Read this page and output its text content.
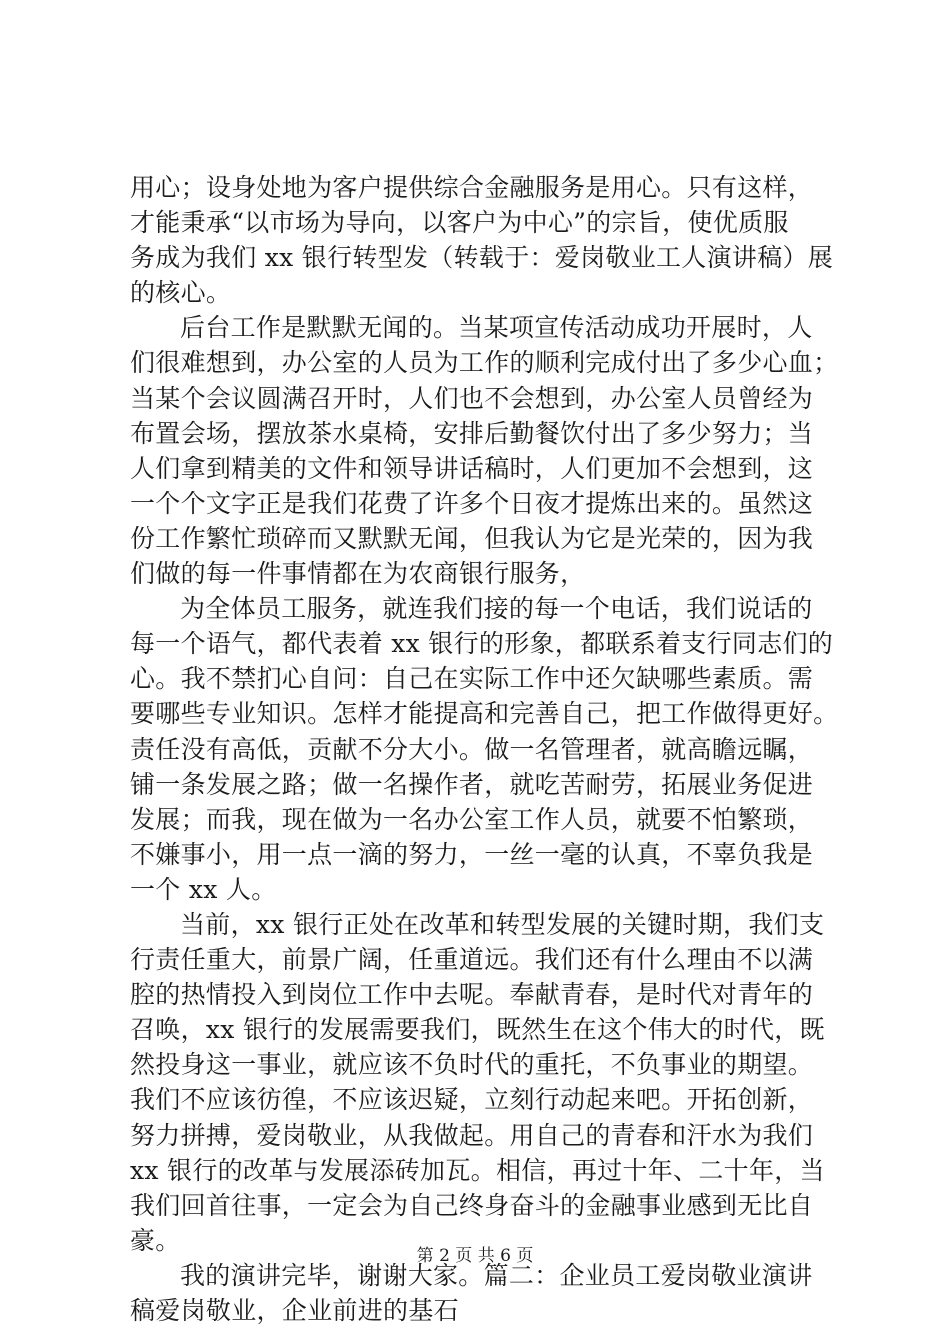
用心；设身处地为客户提供综合金融服务是用心。只有这样，
才能秉承“以市场为导向，以客户为中心”的宗旨，使优质服
务成为我们 xx 银行转型发（转载于：爱岗敬业工人演讲稿）展
的核心。
后台工作是默默无闻的。当某项宣传活动成功开展时，人
们很难想到，办公室的人员为工作的顺利完成付出了多少心血；
当某个会议圆满召开时，人们也不会想到，办公室人员曾经为
布置会场，摆放茶水桌椅，安排后勤餐饮付出了多少努力；当
人们拿到精美的文件和领导讲话稿时，人们更加不会想到，这
一个个文字正是我们花费了许多个日夜才提炼出来的。虽然这
份工作繁忙琐碎而又默默无闻，但我认为它是光荣的，因为我
们做的每一件事情都在为农商银行服务，
为全体员工服务，就连我们接的每一个电话，我们说话的
每一个语气，都代表着 xx 银行的形象，都联系着支行同志们的
心。我不禁扪心自问：自己在实际工作中还欠缺哪些素质。需
要哪些专业知识。怎样才能提高和完善自己，把工作做得更好。
责任没有高低，贡献不分大小。做一名管理者，就高瞻远瞩，
铺一条发展之路；做一名操作者，就吃苦耐劳，拓展业务促进
发展；而我，现在做为一名办公室工作人员，就要不怕繁琐，
不嫌事小，用一点一滴的努力，一丝一毫的认真，不辜负我是
一个 xx 人。
当前，xx 银行正处在改革和转型发展的关键时期，我们支
行责任重大，前景广阔，任重道远。我们还有什么理由不以满
腔的热情投入到岗位工作中去呢。奉献青春，是时代对青年的
召唤，xx 银行的发展需要我们，既然生在这个伟大的时代，既
然投身这一事业，就应该不负时代的重托，不负事业的期望。
我们不应该彷徨，不应该迟疑，立刻行动起来吧。开拓创新，
努力拼搏，爱岗敬业，从我做起。用自己的青春和汗水为我们
xx 银行的改革与发展添砖加瓦。相信，再过十年、二十年，当
我们回首往事，一定会为自己终身奋斗的金融事业感到无比自
豪。
我的演讲完毕，谢谢大家。篇二：企业员工爱岗敬业演讲
稿爱岗敬业，企业前进的基石
第 2 页 共 6 页
